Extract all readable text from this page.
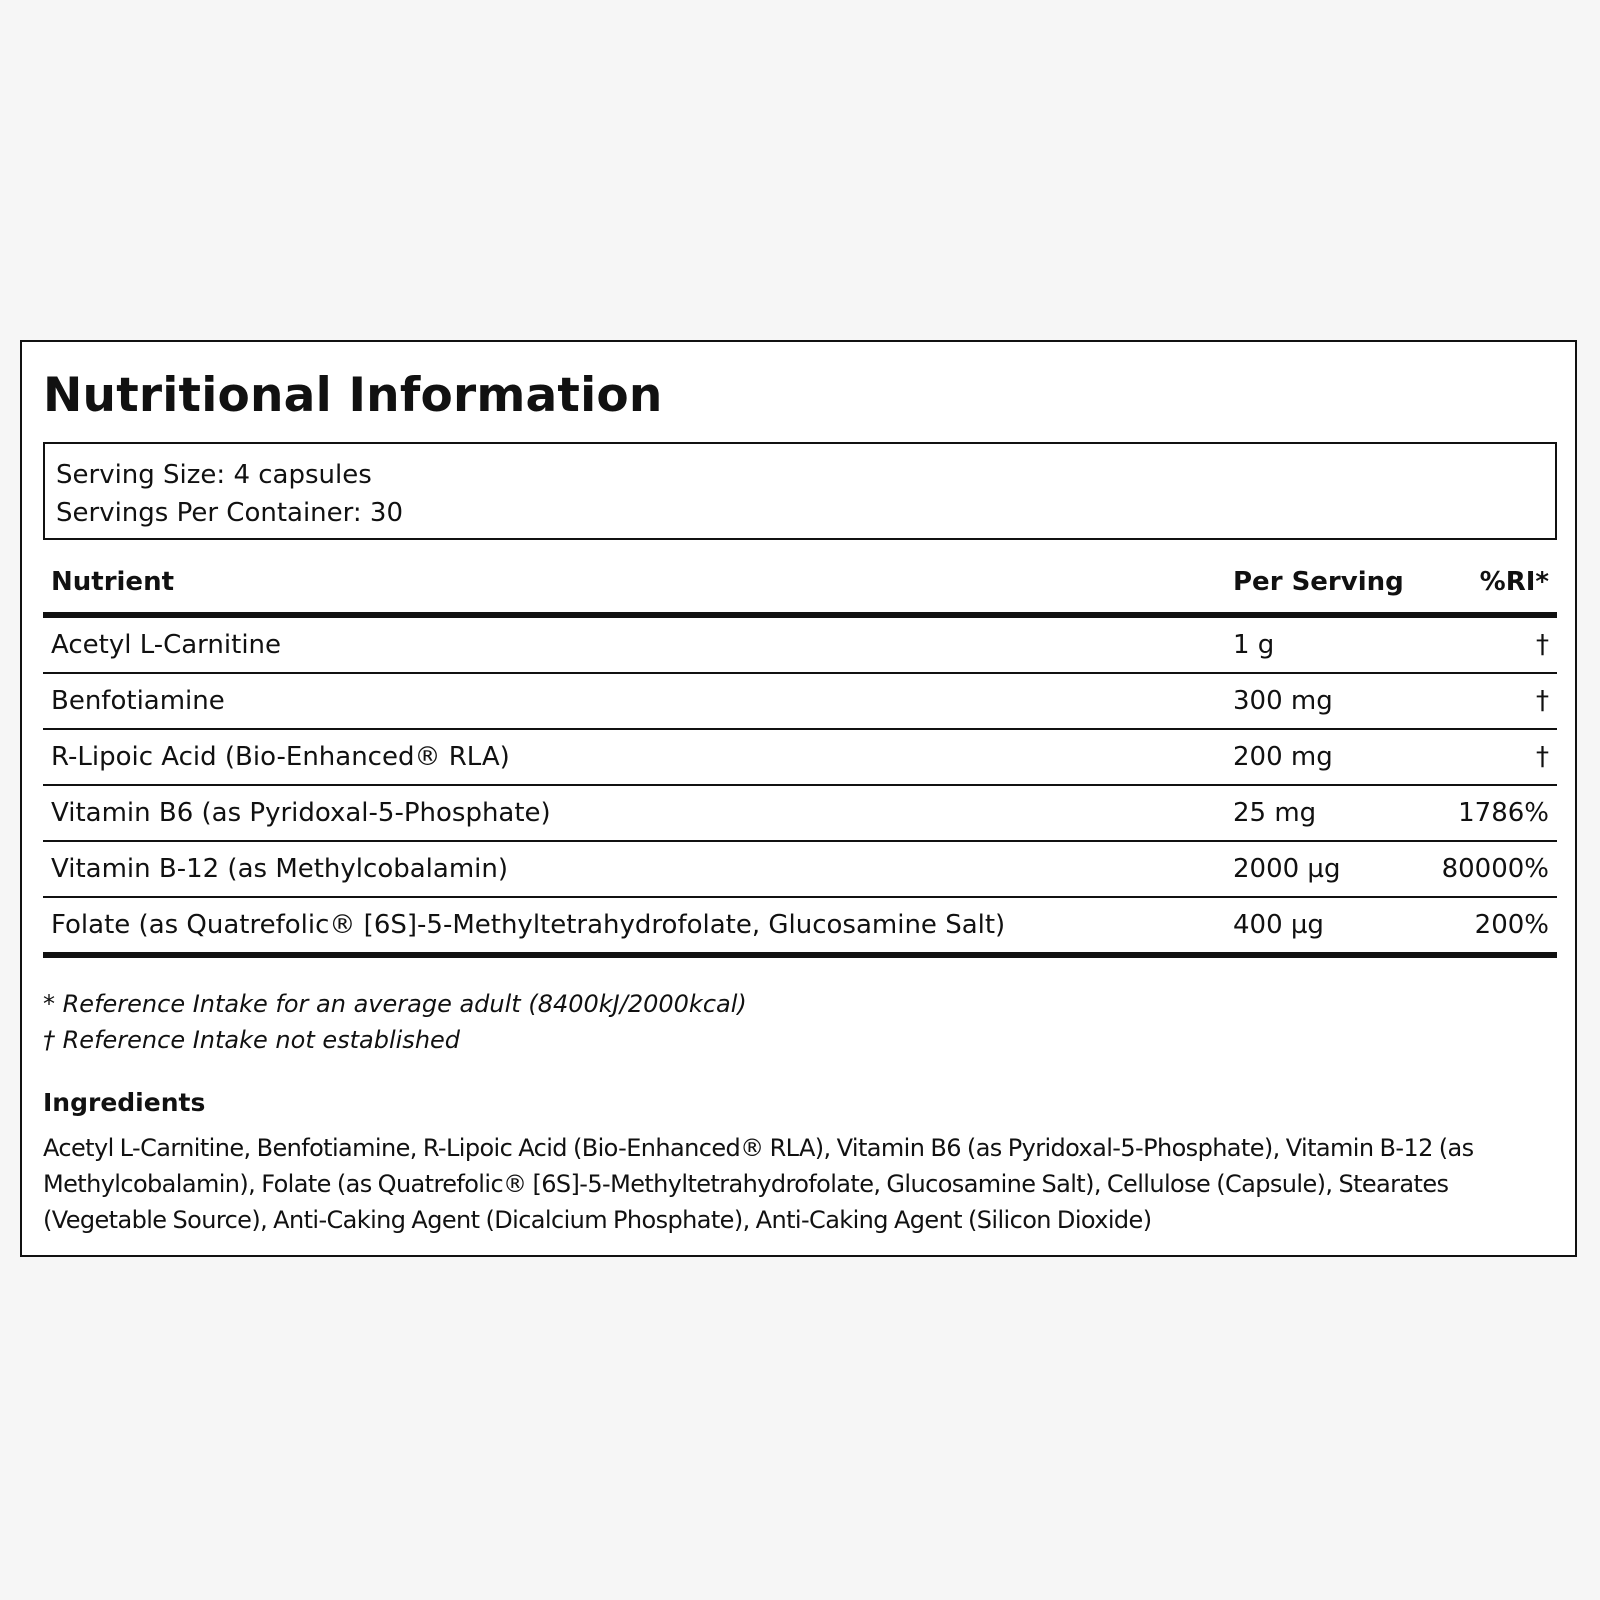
Nutritional Information
Serving Size: 4 capsules
Servings Per Container: 30
Nutrient	Per Serving	%RI*
Acetyl L-Carnitine	1 g	†
Benfotiamine	300 mg	†
R-Lipoic Acid (Bio-Enhanced® RLA)	200 mg	†
Vitamin B6 (as Pyridoxal-5-Phosphate)	25 mg	1786%
Vitamin B-12 (as Methylcobalamin)	2000 µg	80000%
Folate (as Quatrefolic® [6S]-5-Methyltetrahydrofolate, Glucosamine Salt)	400 µg	200%
* Reference Intake for an average adult (8400kJ/2000kcal)
† Reference Intake not established
Ingredients
Acetyl L-Carnitine, Benfotiamine, R-Lipoic Acid (Bio-Enhanced® RLA), Vitamin B6 (as Pyridoxal-5-Phosphate), Vitamin B-12 (as Methylcobalamin), Folate (as Quatrefolic® [6S]-5-Methyltetrahydrofolate, Glucosamine Salt), Cellulose (Capsule), Stearates (Vegetable Source), Anti-Caking Agent (Dicalcium Phosphate), Anti-Caking Agent (Silicon Dioxide)
